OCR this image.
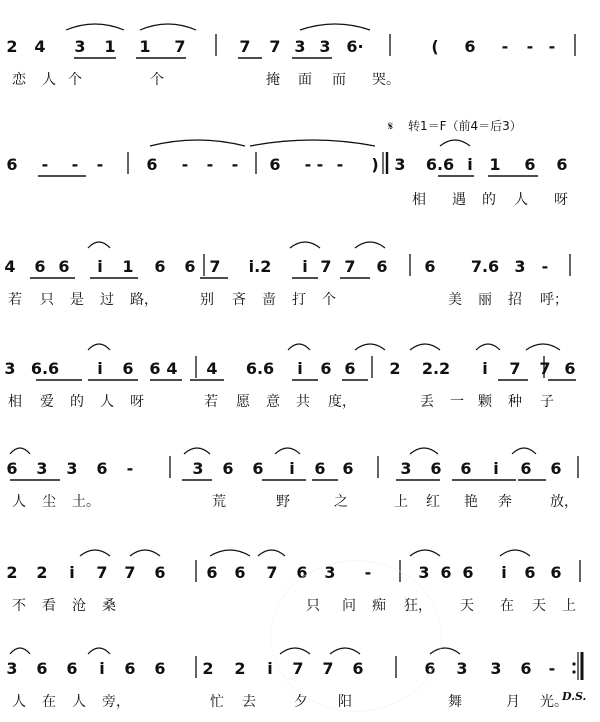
2 4 3 1 1 7	7 7 3 3 6·	( 6 - - -
恋 人 个	个	掩 面 而 哭。
6 - - -	6 - - - 6 - - - ) 3 6.6 i 1 6 6
相 遇 的 人 呀
4 6 6 i 1 6 6 7 i.2 i 7 7 6 6 7.6 3 -
若 只 是 过 路，	别 吝 啬 打 个	美 丽 招 呼；
3 6.6 i 6 6 4 4 6.6 i 6 6 2 2.2 i 7 7 6
相 爱 的 人 呀	若 愿 意 共 度，	丢 一 颗 种 子
6 3 3 6 -	3 6 6 i 6 6	3 6 6 i 6 6
人 尘 土。	荒	野	之	上 红 艳 奔	放，
2 2 i 7 7 6	6 6 7 6 3 -	3 6 6 i 6 6
不 看 沧 桑	只 问 痴 狂， 天 在 天 上
3 6 6 i 6 6 2 2 i 7 7 6	6 3 3 6 -
人 在 人 旁，	忙 去	夕 阳	舞	月 光。
𝄋 转1＝F（前4＝后3）
D.S.
